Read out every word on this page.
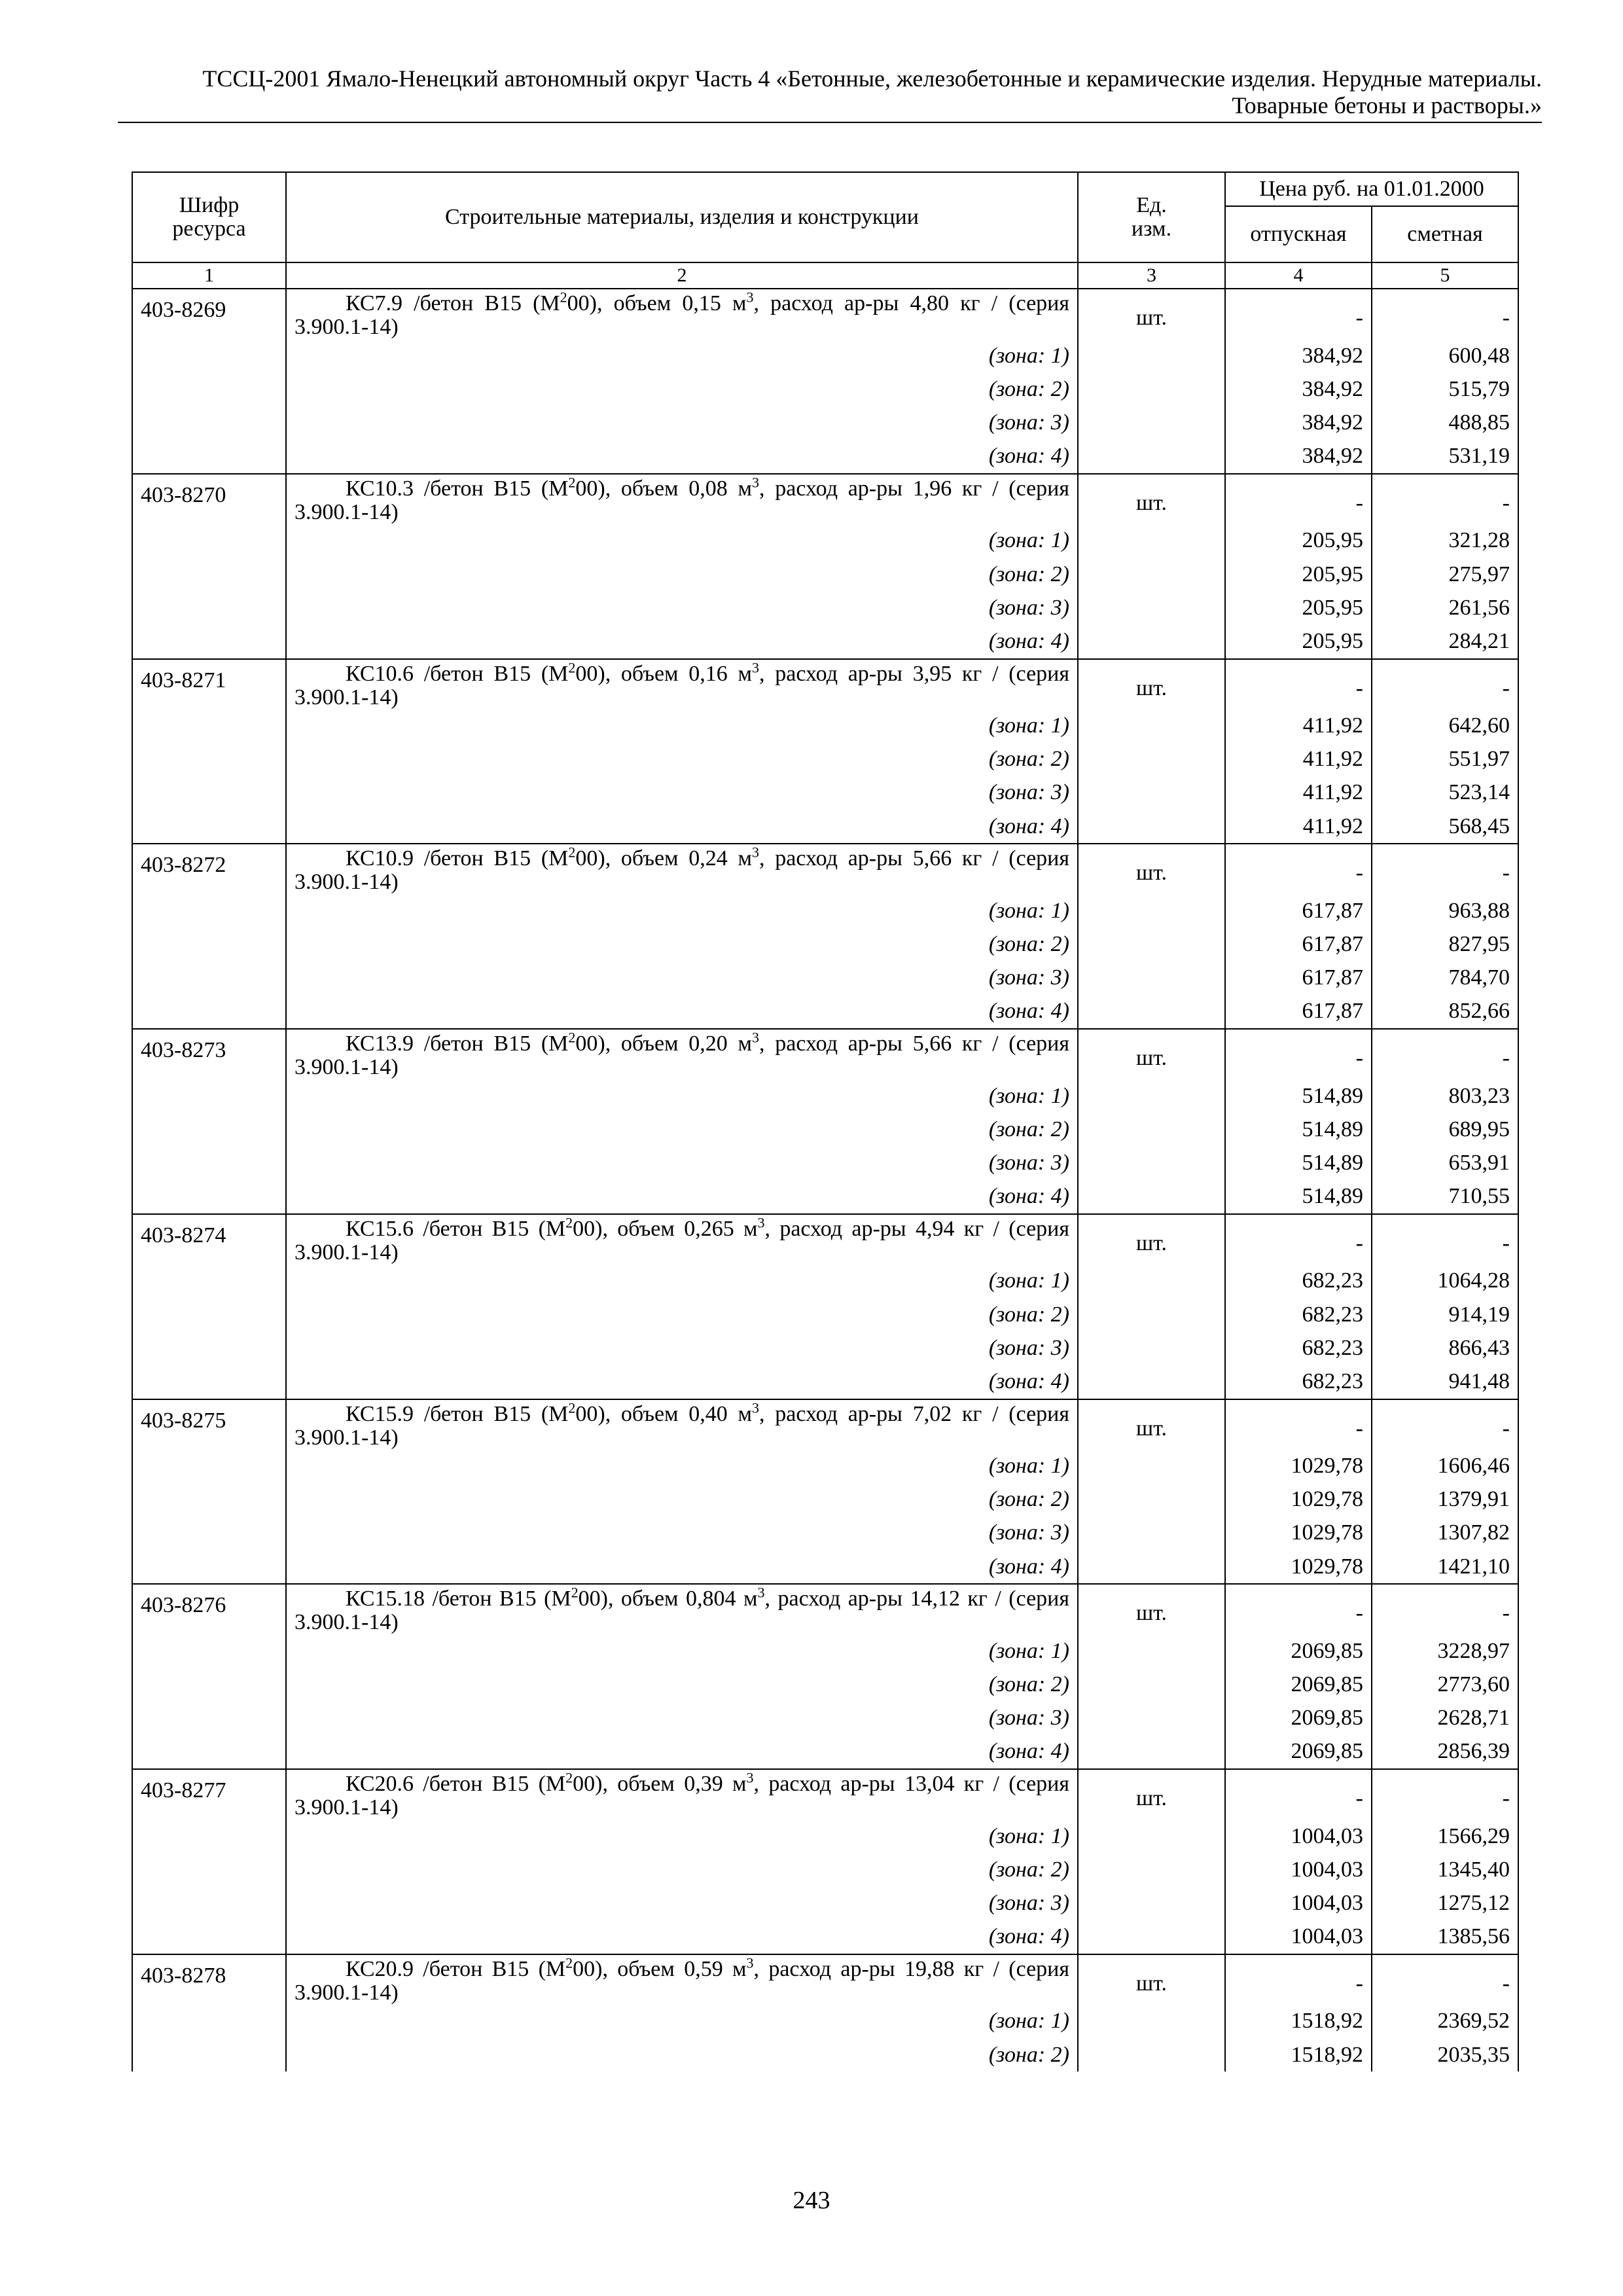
ТССЦ-2001 Ямало-Ненецкий автономный округ Часть 4 «Бетонные, железобетонные и керамические изделия. Нерудные материалы.
Товарные бетоны и растворы.»
Шифр ресурса	Строительные материалы, изделия и конструкции	Ед. изм.	Цена руб. на 01.01.2000	
			отпускная	сметная
1	2	3	4	5
403-8269	КС7.9 /бетон В15 $(М^200)$, объем 0,15 $м^3$, расход ар-ры 4,80 кг / (серия 3.900.1-14)	шт.	-	-

	(зона: 1)		384,92	600,48
	(зона: 2)		384,92	515,79
	(зона: 3)		384,92	488,85
	(зона: 4)		384,92	531,19
403-8270	КС10.3 /бетон В15 $(М^200)$, объем 0,08 $м^3$, расход ар-ры 1,96 кг / (серия 3.900.1-14)	шт.	-	-

	(зона: 1)		205,95	321,28
	(зона: 2)		205,95	275,97
	(зона: 3)		205,95	261,56
	(зона: 4)		205,95	284,21
403-8271	КС10.6 /бетон В15 $(М^200)$, объем 0,16 $м^3$, расход ар-ры 3,95 кг / (серия 3.900.1-14)	шт.	-	-

	(зона: 1)		411,92	642,60
	(зона: 2)		411,92	551,97
	(зона: 3)		411,92	523,14
	(зона: 4)		411,92	568,45
403-8272	КС10.9 /бетон В15 $(М^200)$, объем 0,24 $м^3$, расход ар-ры 5,66 кг / (серия 3.900.1-14)	шт.	-	-

	(зона: 1)		617,87	963,88
	(зона: 2)		617,87	827,95
	(зона: 3)		617,87	784,70
	(зона: 4)		617,87	852,66
403-8273	КС13.9 /бетон В15 $(М^200)$, объем 0,20 $м^3$, расход ар-ры 5,66 кг / (серия 3.900.1-14)	шт.	-	-

	(зона: 1)		514,89	803,23
	(зона: 2)		514,89	689,95
	(зона: 3)		514,89	653,91
	(зона: 4)		514,89	710,55
403-8274	КС15.6 /бетон В15 $(М^200)$, объем 0,265 $м^3$, расход ар-ры 4,94 кг / (серия 3.900.1-14)	шт.	-	-

	(зона: 1)		682,23	1064,28
	(зона: 2)		682,23	914,19
	(зона: 3)		682,23	866,43
	(зона: 4)		682,23	941,48
403-8275	КС15.9 /бетон В15 $(М^200)$, объем 0,40 $м^3$, расход ар-ры 7,02 кг / (серия 3.900.1-14)	шт.	-	-

	(зона: 1)		1029,78	1606,46
	(зона: 2)		1029,78	1379,91
	(зона: 3)		1029,78	1307,82
	(зона: 4)		1029,78	1421,10
403-8276	КС15.18 /бетон В15 $(М^200)$, объем 0,804 $м^3$, расход ар-ры 14,12 кг / (серия 3.900.1-14)	шт.	-	-

	(зона: 1)		2069,85	3228,97
	(зона: 2)		2069,85	2773,60
	(зона: 3)		2069,85	2628,71
	(зона: 4)		2069,85	2856,39
403-8277	КС20.6 /бетон В15 $(М^200)$, объем 0,39 $м^3$, расход ар-ры 13,04 кг / (серия 3.900.1-14)	шт.	-	-

	(зона: 1)		1004,03	1566,29
	(зона: 2)		1004,03	1345,40
	(зона: 3)		1004,03	1275,12
	(зона: 4)		1004,03	1385,56
403-8278	КС20.9 /бетон В15 $(М^200)$, объем 0,59 $м^3$, расход ар-ры 19,88 кг / (серия 3.900.1-14)	шт.	-	-

	(зона: 1)		1518,92	2369,52
	(зона: 2)		1518,92	2035,35
243
